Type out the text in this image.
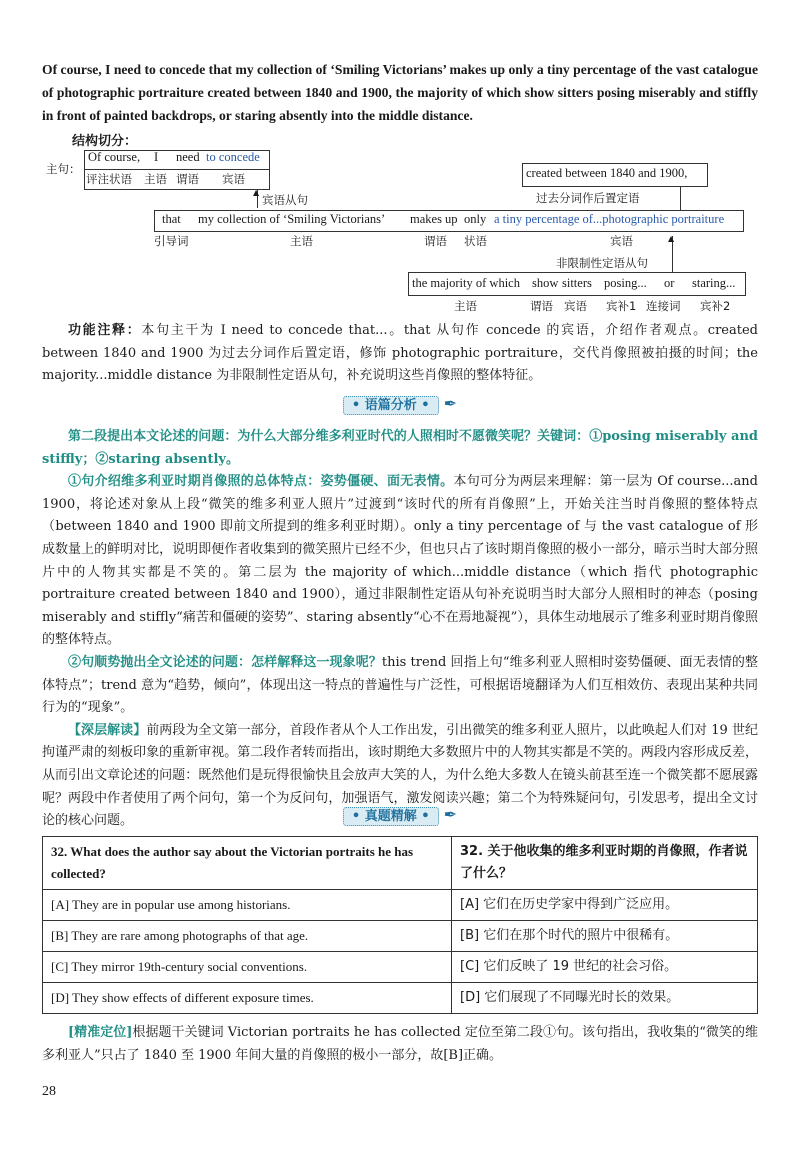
Of course, I need to concede that my collection of ‘Smiling Victorians’ makes up only a tiny percentage of the vast catalogue of photographic portraiture created between 1840 and 1900, the majority of which show sitters posing miserably and stiffly in front of painted backdrops, or staring absently into the middle distance.
结构切分：
主句：
Of course, I need to concede
评注状语 主语 谓语 宾语
▲
宾语从句
created between 1840 and 1900,
过去分词作后置定语
that my collection of ‘Smiling Victorians’ makes up only a tiny percentage of...photographic portraiture
引导词	主语	谓语 状语	宾语
非限制性定语从句
▲
the majority of which show sitters posing... or staring...
主语	谓语 宾语 宾补1 连接词 宾补2

功能注释：本句主干为 I need to concede that...。that 从句作 concede 的宾语，介绍作者观点。created between 1840 and 1900 为过去分词作后置定语，修饰 photographic portraiture，交代肖像照被拍摄的时间；the majority...middle distance 为非限制性定语从句，补充说明这些肖像照的整体特征。

• 语篇分析 • ✒

第二段提出本文论述的问题：为什么大部分维多利亚时代的人照相时不愿微笑呢？关键词：①posing miserably and stiffly；②staring absently。

①句介绍维多利亚时期肖像照的总体特点：姿势僵硬、面无表情。本句可分为两层来理解：第一层为 Of course...and 1900，将论述对象从上段“微笑的维多利亚人照片”过渡到“该时代的所有肖像照”上，开始关注当时肖像照的整体特点（between 1840 and 1900 即前文所提到的维多利亚时期）。only a tiny percentage of 与 the vast catalogue of 形成数量上的鲜明对比，说明即便作者收集到的微笑照片已经不少，但也只占了该时期肖像照的极小一部分，暗示当时大部分照片中的人物其实都是不笑的。第二层为 the majority of which...middle distance（which 指代 photographic portraiture created between 1840 and 1900），通过非限制性定语从句补充说明当时大部分人照相时的神态（posing miserably and stiffly“痛苦和僵硬的姿势”、staring absently“心不在焉地凝视”），具体生动地展示了维多利亚时期肖像照的整体特点。

②句顺势抛出全文论述的问题：怎样解释这一现象呢？this trend 回指上句“维多利亚人照相时姿势僵硬、面无表情的整体特点”；trend 意为“趋势，倾向”，体现出这一特点的普遍性与广泛性，可根据语境翻译为人们互相效仿、表现出某种共同行为的“现象”。

【深层解读】前两段为全文第一部分，首段作者从个人工作出发，引出微笑的维多利亚人照片，以此唤起人们对 19 世纪拘谨严肃的刻板印象的重新审视。第二段作者转而指出，该时期绝大多数照片中的人物其实都是不笑的。两段内容形成反差，从而引出文章论述的问题：既然他们是玩得很愉快且会放声大笑的人，为什么绝大多数人在镜头前甚至连一个微笑都不愿展露呢？两段中作者使用了两个问句，第一个为反问句，加强语气，激发阅读兴趣；第二个为特殊疑问句，引发思考，提出全文讨论的核心问题。	• 真题精解 • ✒
32. What does the author say about the Victorian portraits he has collected?	32. 关于他收集的维多利亚时期的肖像照，作者说了什么？
[A] They are in popular use among historians.	[A] 它们在历史学家中得到广泛应用。
[B] They are rare among photographs of that age.	[B] 它们在那个时代的照片中很稀有。
[C] They mirror 19th-century social conventions.	[C] 它们反映了 19 世纪的社会习俗。
[D] They show effects of different exposure times.	[D] 它们展现了不同曝光时长的效果。

[精准定位]根据题干关键词 Victorian portraits he has collected 定位至第二段①句。该句指出，我收集的“微笑的维多利亚人”只占了 1840 至 1900 年间大量的肖像照的极小一部分，故[B]正确。

28
